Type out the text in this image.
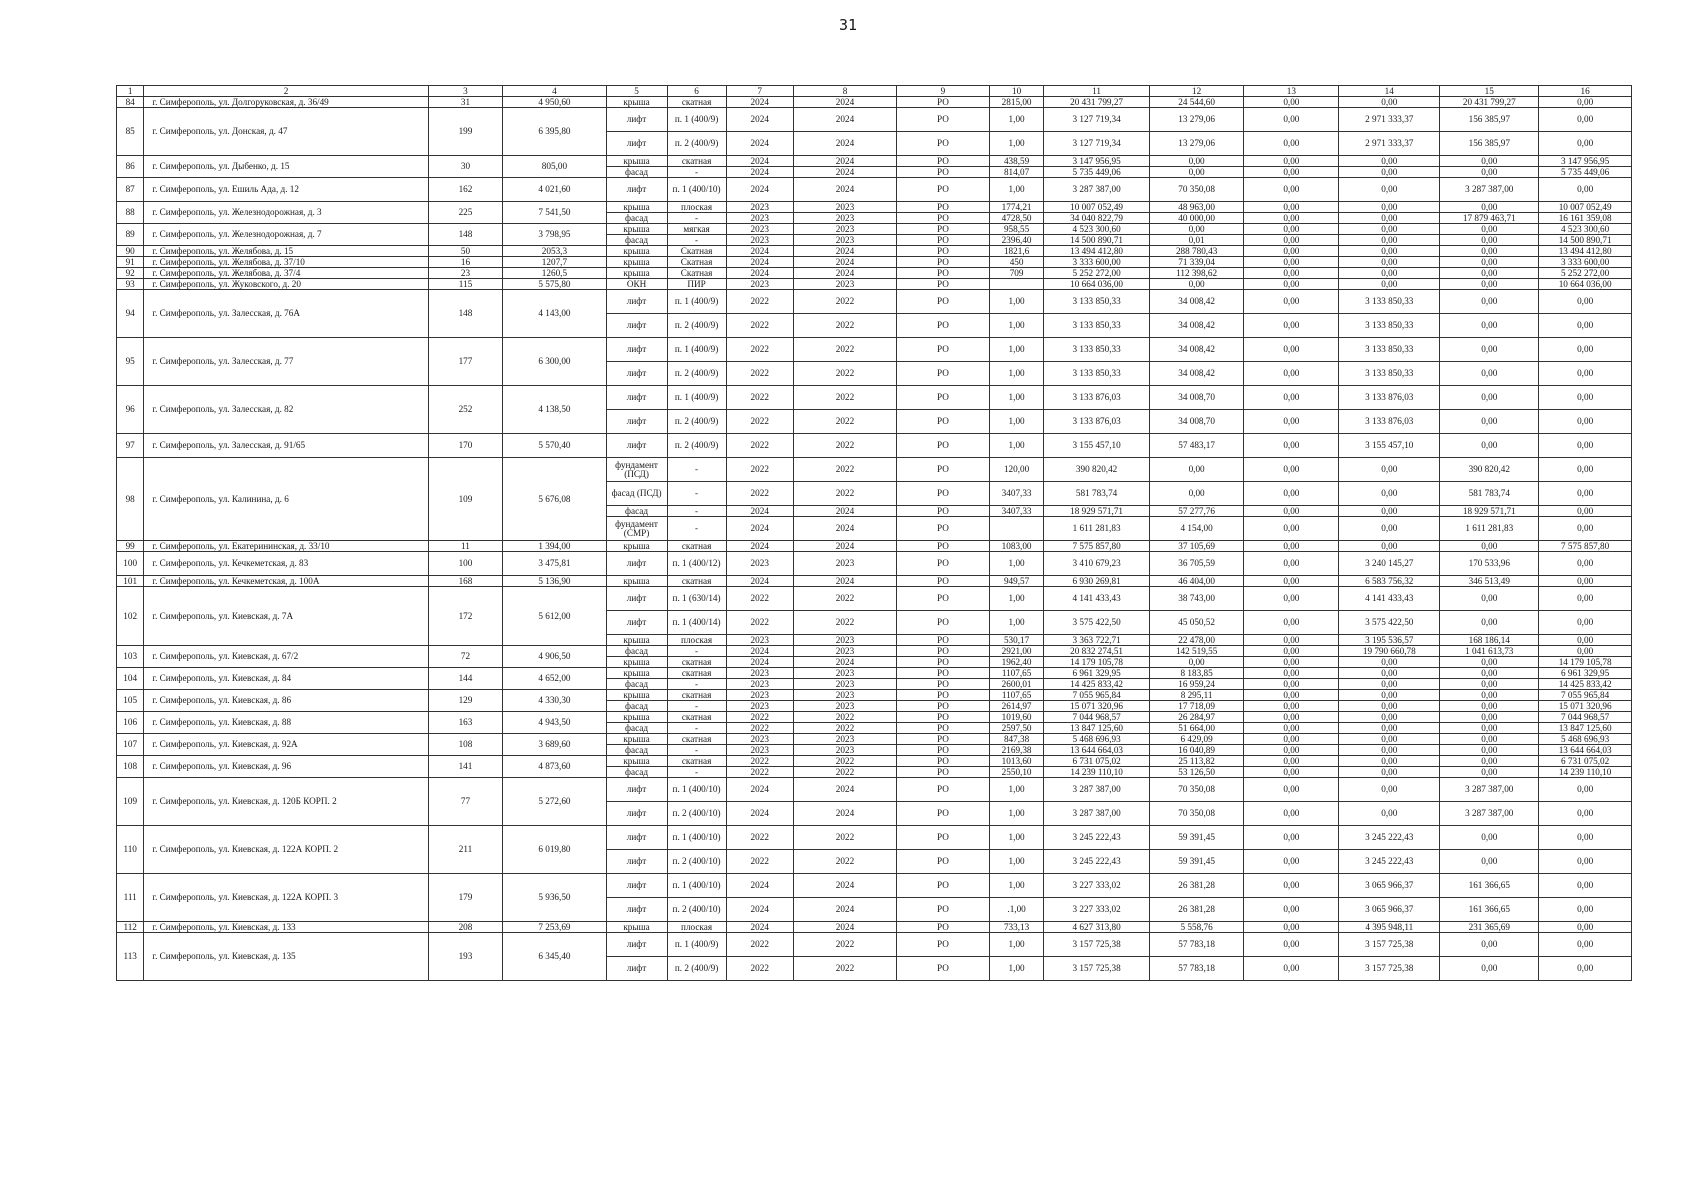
31
1	2	3	4	5	6	7	8	9	10	11	12	13	14	15	16
84	г. Симферополь, ул. Долгоруковская, д. 36/49	31	4 950,60	крыша	скатная	2024	2024	РО	2815,00	20 431 799,27	24 544,60	0,00	0,00	20 431 799,27	0,00
85	г. Симферополь, ул. Донская, д. 47	199	6 395,80	лифт	п. 1 (400/9)	2024	2024	РО	1,00	3 127 719,34	13 279,06	0,00	2 971 333,37	156 385,97	0,00
				лифт	п. 2 (400/9)	2024	2024	РО	1,00	3 127 719,34	13 279,06	0,00	2 971 333,37	156 385,97	0,00
86	г. Симферополь, ул. Дыбенко, д. 15	30	805,00	крыша	скатная	2024	2024	РО	438,59	3 147 956,95	0,00	0,00	0,00	0,00	3 147 956,95
				фасад	-	2024	2024	РО	814,07	5 735 449,06	0,00	0,00	0,00	0,00	5 735 449,06
87	г. Симферополь, ул. Ешиль Ада, д. 12	162	4 021,60	лифт	п. 1 (400/10)	2024	2024	РО	1,00	3 287 387,00	70 350,08	0,00	0,00	3 287 387,00	0,00
88	г. Симферополь, ул. Железнодорожная, д. 3	225	7 541,50	крыша	плоская	2023	2023	РО	1774,21	10 007 052,49	48 963,00	0,00	0,00	0,00	10 007 052,49
				фасад	-	2023	2023	РО	4728,50	34 040 822,79	40 000,00	0,00	0,00	17 879 463,71	16 161 359,08
89	г. Симферополь, ул. Железнодорожная, д. 7	148	3 798,95	крыша	мягкая	2023	2023	РО	958,55	4 523 300,60	0,00	0,00	0,00	0,00	4 523 300,60
				фасад	-	2023	2023	РО	2396,40	14 500 890,71	0,01	0,00	0,00	0,00	14 500 890,71
90	г. Симферополь, ул. Желябова, д. 15	50	2053,3	крыша	Скатная	2024	2024	РО	1821,6	13 494 412,80	288 780,43	0,00	0,00	0,00	13 494 412,80
91	г. Симферополь, ул. Желябова, д. 37/10	16	1207,7	крыша	Скатная	2024	2024	РО	450	3 333 600,00	71 339,04	0,00	0,00	0,00	3 333 600,00
92	г. Симферополь, ул. Желябова, д. 37/4	23	1260,5	крыша	Скатная	2024	2024	РО	709	5 252 272,00	112 398,62	0,00	0,00	0,00	5 252 272,00
93	г. Симферополь, ул. Жуковского, д. 20	115	5 575,80	ОКН	ПИР	2023	2023	РО		10 664 036,00	0,00	0,00	0,00	0,00	10 664 036,00
94	г. Симферополь, ул. Залесская, д. 76А	148	4 143,00	лифт	п. 1 (400/9)	2022	2022	РО	1,00	3 133 850,33	34 008,42	0,00	3 133 850,33	0,00	0,00
				лифт	п. 2 (400/9)	2022	2022	РО	1,00	3 133 850,33	34 008,42	0,00	3 133 850,33	0,00	0,00
95	г. Симферополь, ул. Залесская, д. 77	177	6 300,00	лифт	п. 1 (400/9)	2022	2022	РО	1,00	3 133 850,33	34 008,42	0,00	3 133 850,33	0,00	0,00
				лифт	п. 2 (400/9)	2022	2022	РО	1,00	3 133 850,33	34 008,42	0,00	3 133 850,33	0,00	0,00
96	г. Симферополь, ул. Залесская, д. 82	252	4 138,50	лифт	п. 1 (400/9)	2022	2022	РО	1,00	3 133 876,03	34 008,70	0,00	3 133 876,03	0,00	0,00
				лифт	п. 2 (400/9)	2022	2022	РО	1,00	3 133 876,03	34 008,70	0,00	3 133 876,03	0,00	0,00
97	г. Симферополь, ул. Залесская, д. 91/65	170	5 570,40	лифт	п. 2 (400/9)	2022	2022	РО	1,00	3 155 457,10	57 483,17	0,00	3 155 457,10	0,00	0,00
98	г. Симферополь, ул. Калинина, д. 6	109	5 676,08	фундамент (ПСД)	-	2022	2022	РО	120,00	390 820,42	0,00	0,00	0,00	390 820,42	0,00
				фасад (ПСД)	-	2022	2022	РО	3407,33	581 783,74	0,00	0,00	0,00	581 783,74	0,00
				фасад	-	2024	2024	РО	3407,33	18 929 571,71	57 277,76	0,00	0,00	18 929 571,71	0,00
				фундамент (СМР)	-	2024	2024	РО		1 611 281,83	4 154,00	0,00	0,00	1 611 281,83	0,00
99	г. Симферополь, ул. Екатерининская, д. 33/10	11	1 394,00	крыша	скатная	2024	2024	РО	1083,00	7 575 857,80	37 105,69	0,00	0,00	0,00	7 575 857,80
100	г. Симферополь, ул. Кечкеметская, д. 83	100	3 475,81	лифт	п. 1 (400/12)	2023	2023	РО	1,00	3 410 679,23	36 705,59	0,00	3 240 145,27	170 533,96	0,00
101	г. Симферополь, ул. Кечкеметская, д. 100А	168	5 136,90	крыша	скатная	2024	2024	РО	949,57	6 930 269,81	46 404,00	0,00	6 583 756,32	346 513,49	0,00
102	г. Симферополь, ул. Киевская, д. 7А	172	5 612,00	лифт	п. 1 (630/14)	2022	2022	РО	1,00	4 141 433,43	38 743,00	0,00	4 141 433,43	0,00	0,00
				лифт	п. 1 (400/14)	2022	2022	РО	1,00	3 575 422,50	45 050,52	0,00	3 575 422,50	0,00	0,00
				крыша	плоская	2023	2023	РО	530,17	3 363 722,71	22 478,00	0,00	3 195 536,57	168 186,14	0,00
103	г. Симферополь, ул. Киевская, д. 67/2	72	4 906,50	фасад	-	2024	2023	РО	2921,00	20 832 274,51	142 519,55	0,00	19 790 660,78	1 041 613,73	0,00
				крыша	скатная	2024	2024	РО	1962,40	14 179 105,78	0,00	0,00	0,00	0,00	14 179 105,78
104	г. Симферополь, ул. Киевская, д. 84	144	4 652,00	крыша	скатная	2023	2023	РО	1107,65	6 961 329,95	8 183,85	0,00	0,00	0,00	6 961 329,95
				фасад	-	2023	2023	РО	2600,01	14 425 833,42	16 959,24	0,00	0,00	0,00	14 425 833,42
105	г. Симферополь, ул. Киевская, д. 86	129	4 330,30	крыша	скатная	2023	2023	РО	1107,65	7 055 965,84	8 295,11	0,00	0,00	0,00	7 055 965,84
				фасад	-	2023	2023	РО	2614,97	15 071 320,96	17 718,09	0,00	0,00	0,00	15 071 320,96
106	г. Симферополь, ул. Киевская, д. 88	163	4 943,50	крыша	скатная	2022	2022	РО	1019,60	7 044 968,57	26 284,97	0,00	0,00	0,00	7 044 968,57
				фасад	-	2022	2022	РО	2597,50	13 847 125,60	51 664,00	0,00	0,00	0,00	13 847 125,60
107	г. Симферополь, ул. Киевская, д. 92А	108	3 689,60	крыша	скатная	2023	2023	РО	847,38	5 468 696,93	6 429,09	0,00	0,00	0,00	5 468 696,93
				фасад	-	2023	2023	РО	2169,38	13 644 664,03	16 040,89	0,00	0,00	0,00	13 644 664,03
108	г. Симферополь, ул. Киевская, д. 96	141	4 873,60	крыша	скатная	2022	2022	РО	1013,60	6 731 075,02	25 113,82	0,00	0,00	0,00	6 731 075,02
				фасад	-	2022	2022	РО	2550,10	14 239 110,10	53 126,50	0,00	0,00	0,00	14 239 110,10
109	г. Симферополь, ул. Киевская, д. 120Б КОРП. 2	77	5 272,60	лифт	п. 1 (400/10)	2024	2024	РО	1,00	3 287 387,00	70 350,08	0,00	0,00	3 287 387,00	0,00
				лифт	п. 2 (400/10)	2024	2024	РО	1,00	3 287 387,00	70 350,08	0,00	0,00	3 287 387,00	0,00
110	г. Симферополь, ул. Киевская, д. 122А КОРП. 2	211	6 019,80	лифт	п. 1 (400/10)	2022	2022	РО	1,00	3 245 222,43	59 391,45	0,00	3 245 222,43	0,00	0,00
				лифт	п. 2 (400/10)	2022	2022	РО	1,00	3 245 222,43	59 391,45	0,00	3 245 222,43	0,00	0,00
111	г. Симферополь, ул. Киевская, д. 122А КОРП. 3	179	5 936,50	лифт	п. 1 (400/10)	2024	2024	РО	1,00	3 227 333,02	26 381,28	0,00	3 065 966,37	161 366,65	0,00
				лифт	п. 2 (400/10)	2024	2024	РО	.1,00	3 227 333,02	26 381,28	0,00	3 065 966,37	161 366,65	0,00
112	г. Симферополь, ул. Киевская, д. 133	208	7 253,69	крыша	плоская	2024	2024	РО	733,13	4 627 313,80	5 558,76	0,00	4 395 948,11	231 365,69	0,00
113	г. Симферополь, ул. Киевская, д. 135	193	6 345,40	лифт	п. 1 (400/9)	2022	2022	РО	1,00	3 157 725,38	57 783,18	0,00	3 157 725,38	0,00	0,00
				лифт	п. 2 (400/9)	2022	2022	РО	1,00	3 157 725,38	57 783,18	0,00	3 157 725,38	0,00	0,00
